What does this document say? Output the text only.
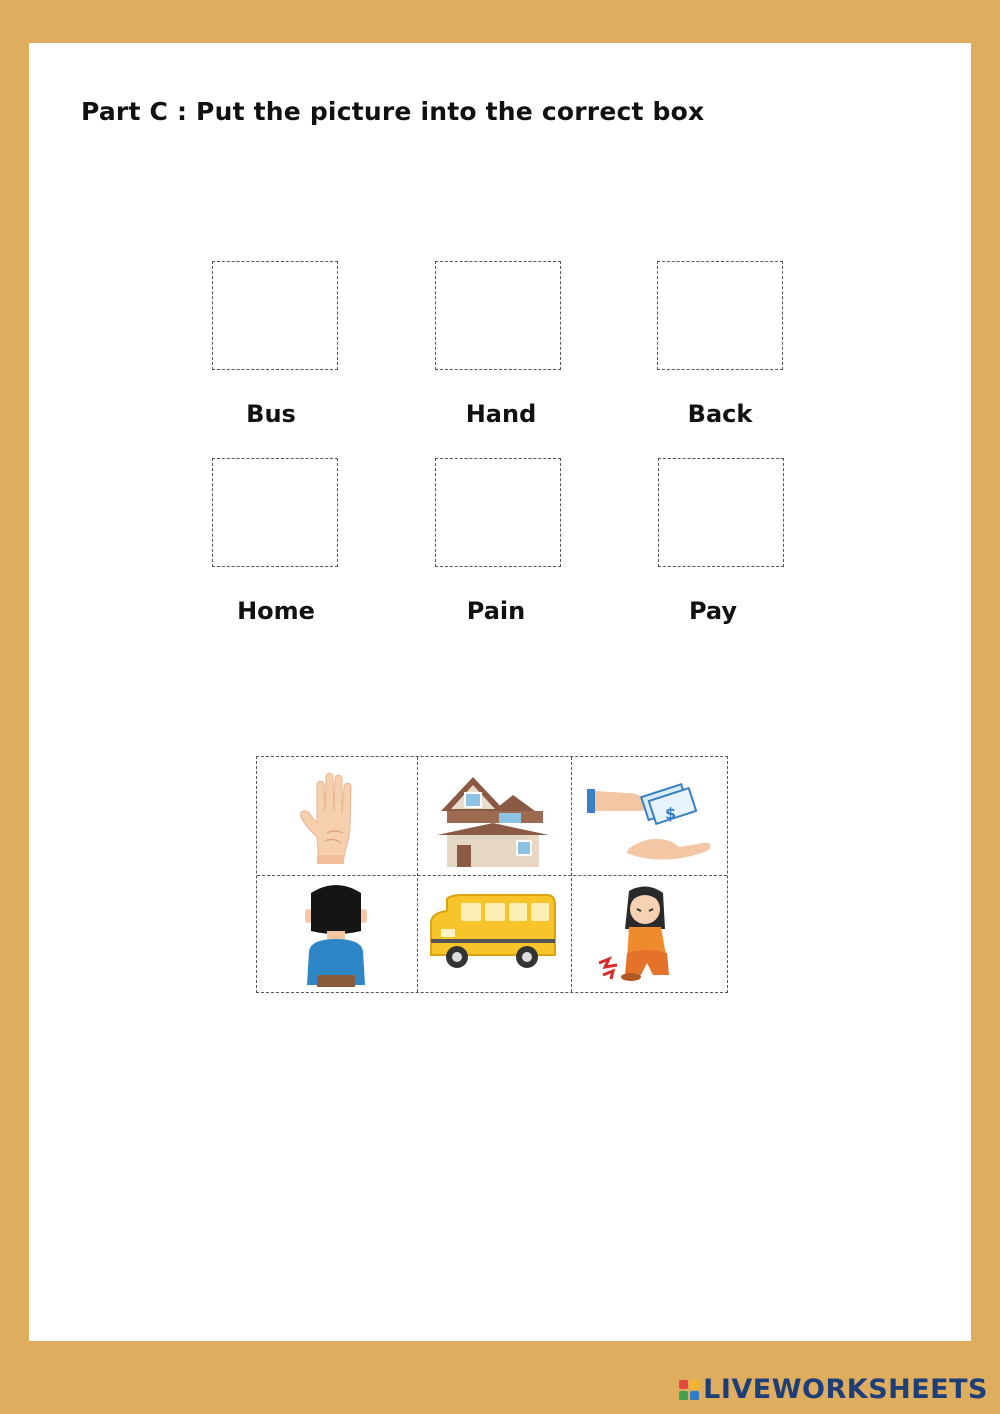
Part C : Put the picture into the correct box
Bus	Hand	Back
Home	Pain	Pay
$
LIVEWORKSHEETS
